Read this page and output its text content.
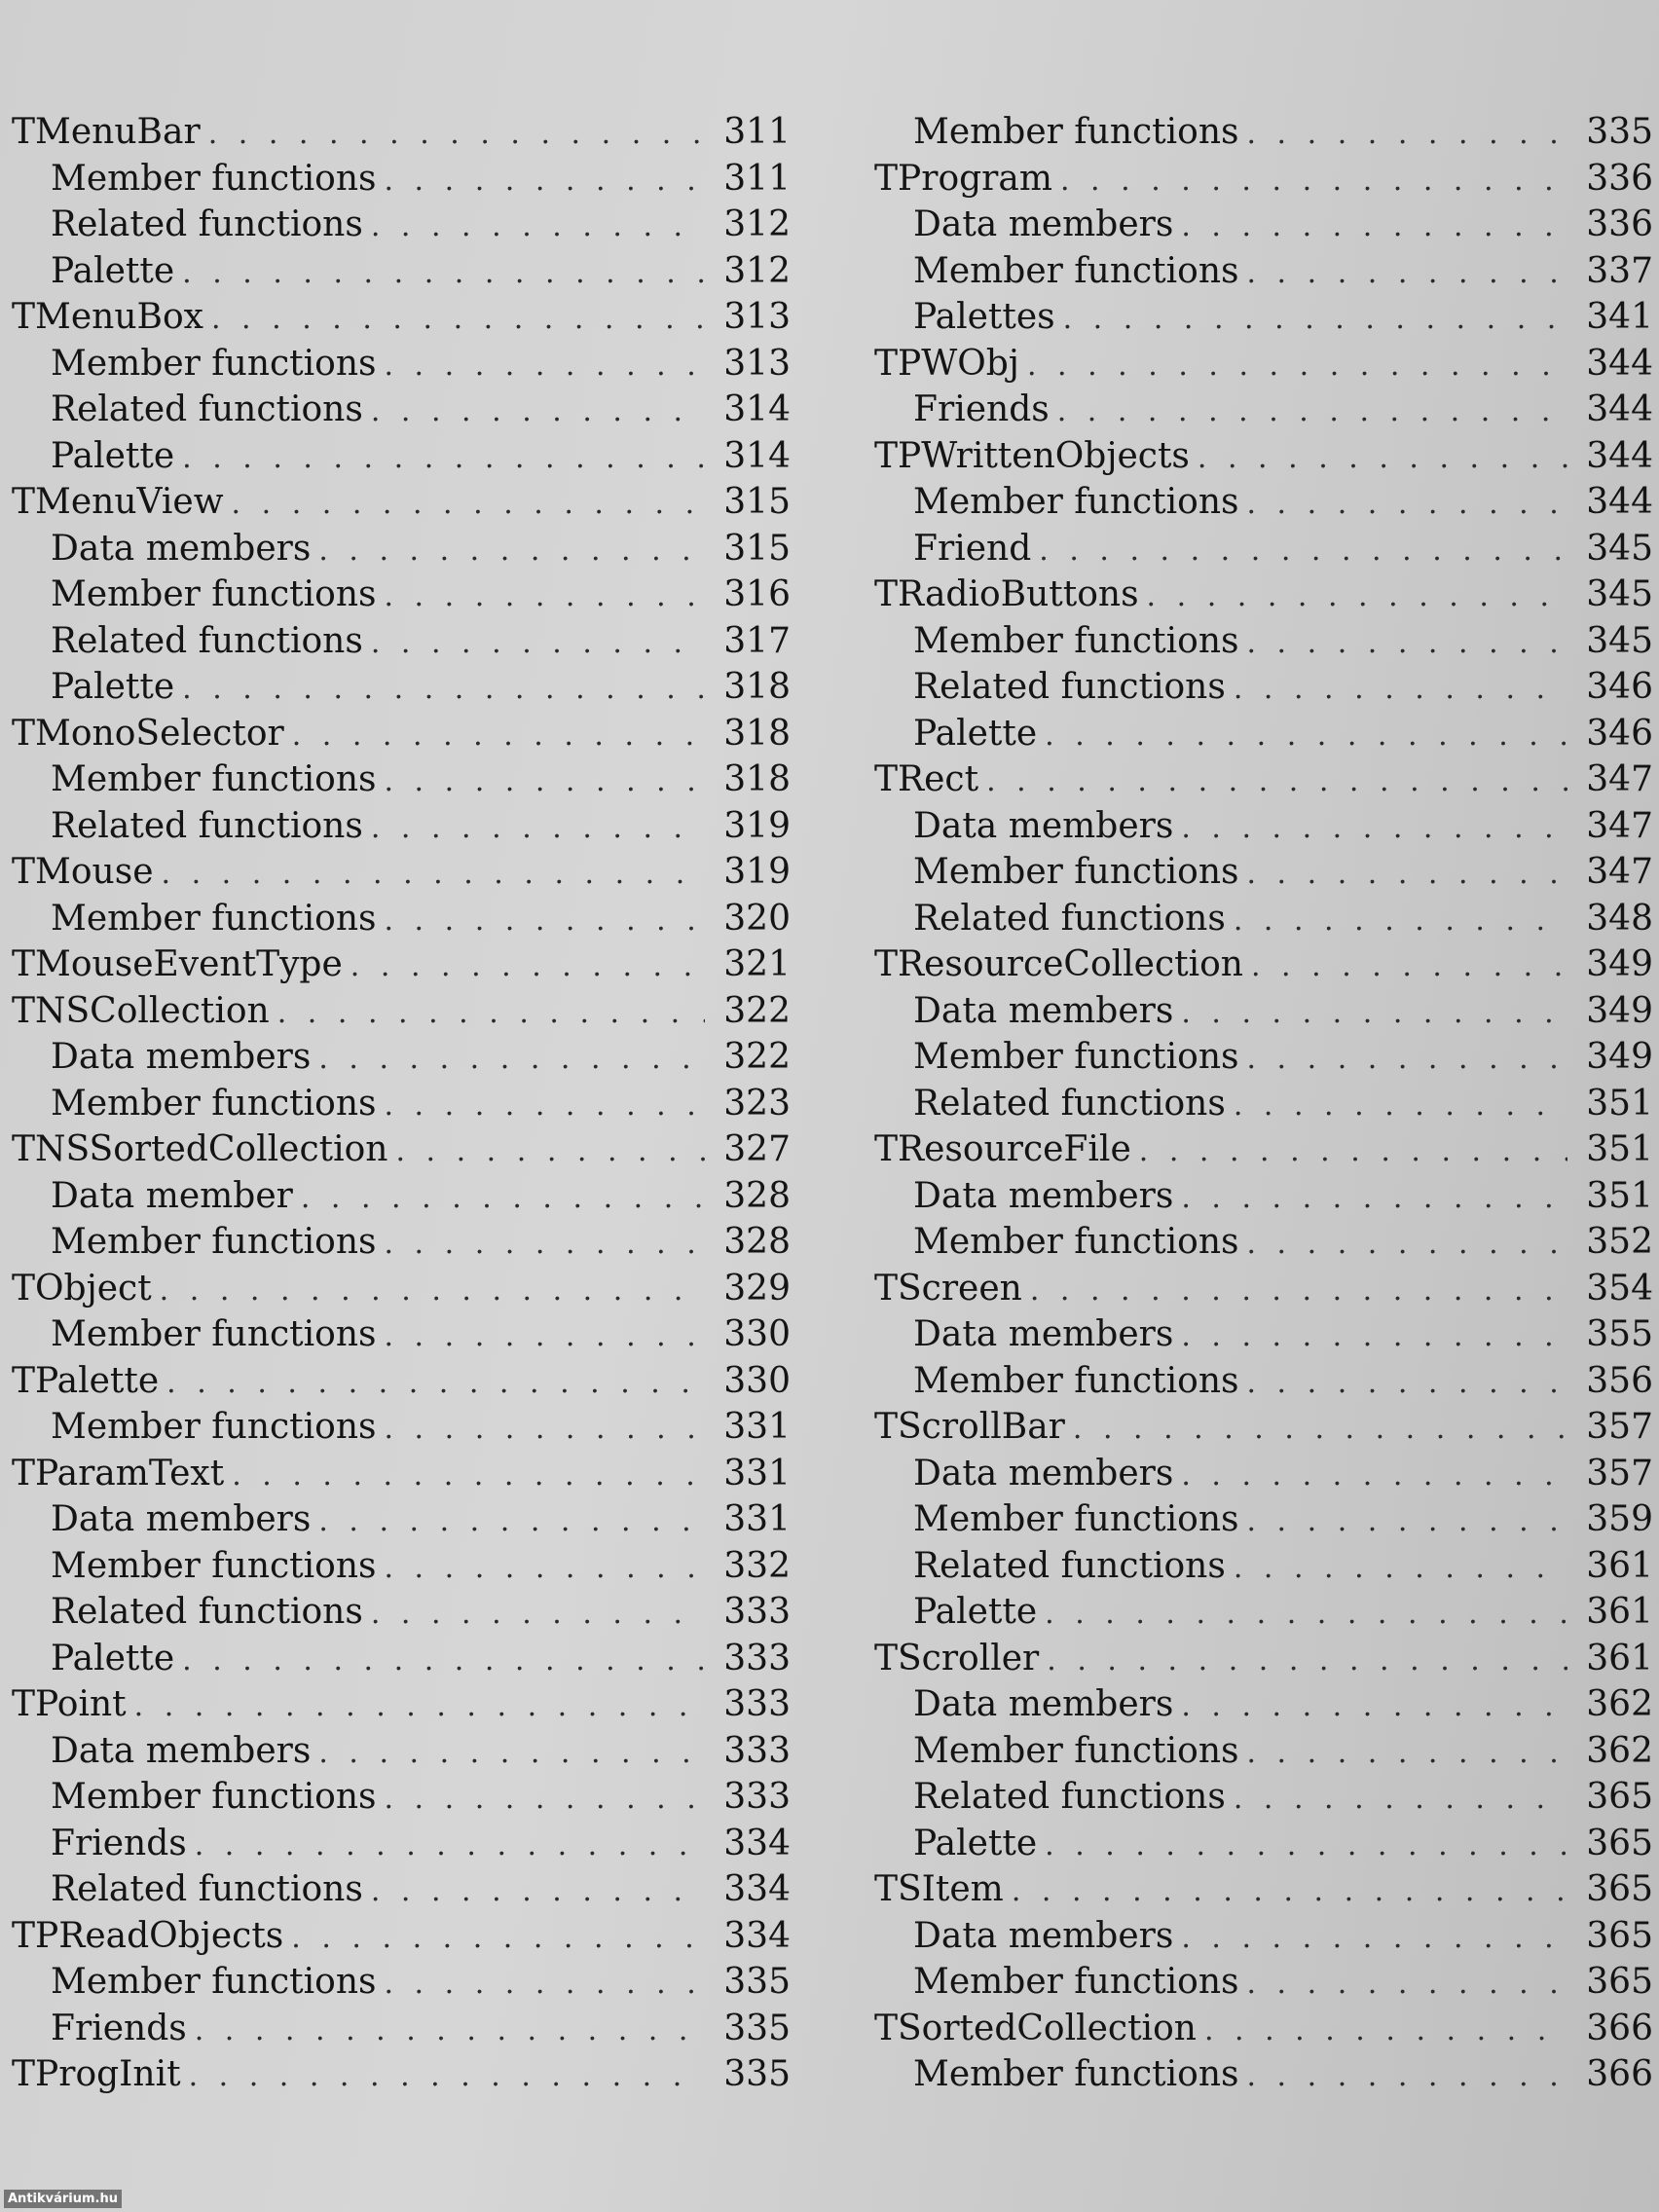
TMenuBar . . .	311
Member functions . . .	311
Related functions . . .	312
Palette . . .	312
TMenuBox . . .	313
Member functions . . .	313
Related functions . . .	314
Palette . . .	314
TMenuView . . .	315
Data members . . .	315
Member functions . . .	316
Related functions . . .	317
Palette . . .	318
TMonoSelector . . .	318
Member functions . . .	318
Related functions . . .	319
TMouse . . .	319
Member functions . . .	320
TMouseEventType . . .	321
TNSCollection . . .	322
Data members . . .	322
Member functions . . .	323
TNSSortedCollection . . .	327
Data member . . .	328
Member functions . . .	328
TObject . . .	329
Member functions . . .	330
TPalette . . .	330
Member functions . . .	331
TParamText . . .	331
Data members . . .	331
Member functions . . .	332
Related functions . . .	333
Palette . . .	333
TPoint . . .	333
Data members . . .	333
Member functions . . .	333
Friends . . .	334
Related functions . . .	334
TPReadObjects . . .	334
Member functions . . .	335
Friends . . .	335
TProgInit . . .	335
Member functions . . .	335
TProgram . . .	336
Data members . . .	336
Member functions . . .	337
Palettes . . .	341
TPWObj . . .	344
Friends . . .	344
TPWrittenObjects . . .	344
Member functions . . .	344
Friend . . .	345
TRadioButtons . . .	345
Member functions . . .	345
Related functions . . .	346
Palette . . .	346
TRect . . .	347
Data members . . .	347
Member functions . . .	347
Related functions . . .	348
TResourceCollection . . .	349
Data members . . .	349
Member functions . . .	349
Related functions . . .	351
TResourceFile . . .	351
Data members . . .	351
Member functions . . .	352
TScreen . . .	354
Data members . . .	355
Member functions . . .	356
TScrollBar . . .	357
Data members . . .	357
Member functions . . .	359
Related functions . . .	361
Palette . . .	361
TScroller . . .	361
Data members . . .	362
Member functions . . .	362
Related functions . . .	365
Palette . . .	365
TSItem . . .	365
Data members . . .	365
Member functions . . .	365
TSortedCollection . . .	366
Member functions . . .	366
Antikvárium.hu
